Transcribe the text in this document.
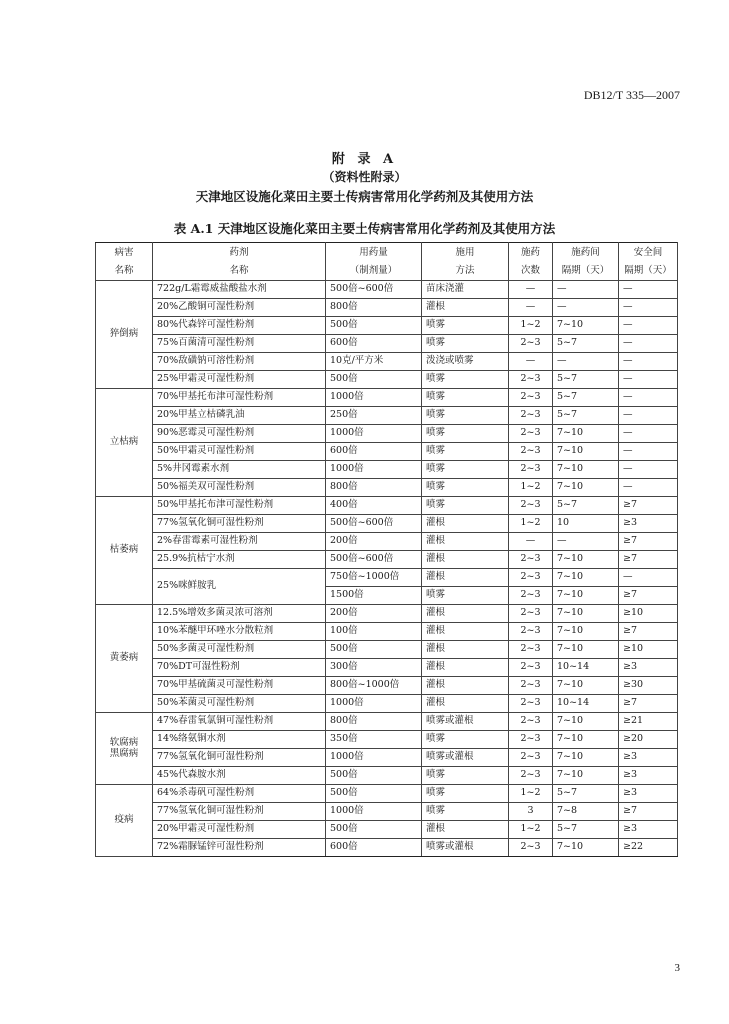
DB12/T 335—2007
附 录 A
（资料性附录）
天津地区设施化菜田主要土传病害常用化学药剂及其使用方法
表 A.1 天津地区设施化菜田主要土传病害常用化学药剂及其使用方法
病害	药剂	用药量	施用	施药	施药间	安全间
名称	名称	（制剂量）	方法	次数	隔期（天）	隔期（天）
猝倒病	722g/L霜霉威盐酸盐水剂	500倍~600倍	苗床浇灌	—	—	—
	20%乙酸铜可湿性粉剂	800倍	灌根	—	—	—
	80%代森锌可湿性粉剂	500倍	喷雾	1~2	7~10	—
	75%百菌清可湿性粉剂	600倍	喷雾	2~3	5~7	—
	70%敌磺钠可溶性粉剂	10克/平方米	泼浇或喷雾	—	—	—
	25%甲霜灵可湿性粉剂	500倍	喷雾	2~3	5~7	—
立枯病	70%甲基托布津可湿性粉剂	1000倍	喷雾	2~3	5~7	—
	20%甲基立枯磷乳油	250倍	喷雾	2~3	5~7	—
	90%恶霉灵可湿性粉剂	1000倍	喷雾	2~3	7~10	—
	50%甲霜灵可湿性粉剂	600倍	喷雾	2~3	7~10	—
	5%井冈霉素水剂	1000倍	喷雾	2~3	7~10	—
	50%福美双可湿性粉剂	800倍	喷雾	1~2	7~10	—
枯萎病	50%甲基托布津可湿性粉剂	400倍	喷雾	2~3	5~7	≥7
	77%氢氧化铜可湿性粉剂	500倍~600倍	灌根	1~2	10	≥3
	2%春雷霉素可湿性粉剂	200倍	灌根	—	—	≥7
	25.9%抗枯宁水剂	500倍~600倍	灌根	2~3	7~10	≥7
	25%咪鲜胺乳	750倍~1000倍	灌根	2~3	7~10	—
		1500倍	喷雾	2~3	7~10	≥7
黄萎病	12.5%增效多菌灵浓可溶剂	200倍	灌根	2~3	7~10	≥10
	10%苯醚甲环唑水分散粒剂	100倍	灌根	2~3	7~10	≥7
	50%多菌灵可湿性粉剂	500倍	灌根	2~3	7~10	≥10
	70%DT可湿性粉剂	300倍	灌根	2~3	10~14	≥3
	70%甲基硫菌灵可湿性粉剂	800倍~1000倍	灌根	2~3	7~10	≥30
	50%苯菌灵可湿性粉剂	1000倍	灌根	2~3	10~14	≥7
软腐病
黑腐病	47%春雷氧氯铜可湿性粉剂	800倍	喷雾或灌根	2~3	7~10	≥21
	14%络氨铜水剂	350倍	喷雾	2~3	7~10	≥20
	77%氢氧化铜可湿性粉剂	1000倍	喷雾或灌根	2~3	7~10	≥3
	45%代森胺水剂	500倍	喷雾	2~3	7~10	≥3
疫病	64%杀毒矾可湿性粉剂	500倍	喷雾	1~2	5~7	≥3
	77%氢氧化铜可湿性粉剂	1000倍	喷雾	3	7~8	≥7
	20%甲霜灵可湿性粉剂	500倍	灌根	1~2	5~7	≥3
	72%霜脲锰锌可湿性粉剂	600倍	喷雾或灌根	2~3	7~10	≥22
3
